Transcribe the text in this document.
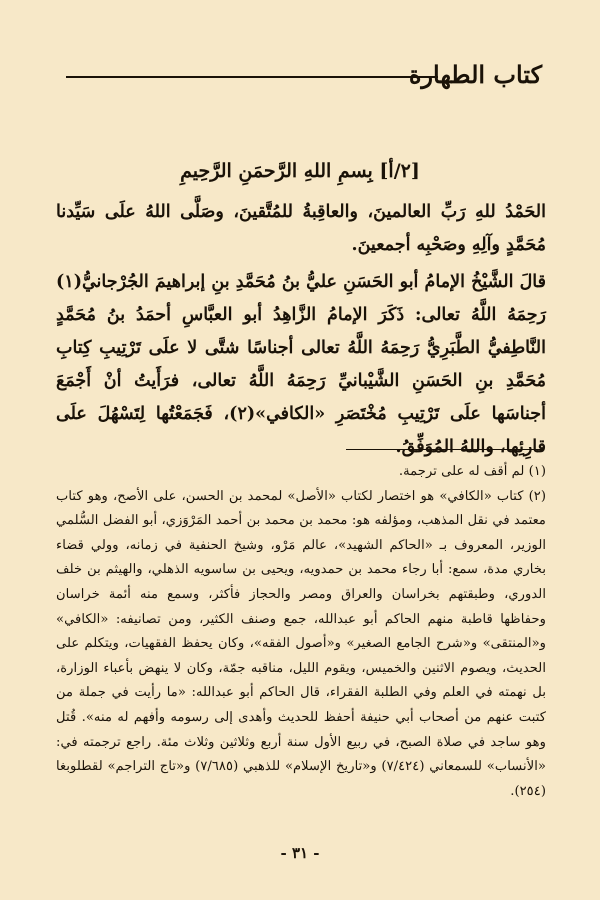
كتاب الطهارة
[٢/أ] بِسمِ اللهِ الرَّحمَنِ الرَّحِيمِ

الحَمْدُ للهِ رَبِّ العالمينَ، والعاقِبةُ للمُتَّقينَ، وصَلَّى اللهُ علَى سَيِّدنا مُحَمَّدٍ وآلِهِ وصَحْبِه أجمعينَ.

قالَ الشَّيْخُ الإمامُ أبو الحَسَنِ عليُّ بنُ مُحَمَّدِ بنِ إبراهيمَ الجُرْجانيُّ(١) رَحِمَهُ اللَّهُ تعالى: ذَكَرَ الإمامُ الزَّاهِدُ أبو العبَّاسِ أحمَدُ بنُ مُحَمَّدٍ النَّاطِفيُّ الطَّبَرِيُّ رَحِمَهُ اللَّهُ تعالى أجناسًا شتَّى لا علَى تَرْتِيبِ كِتابِ مُحَمَّدِ بنِ الحَسَنِ الشَّيْبانيِّ رَحِمَهُ اللَّهُ تعالى، فرَأَيتُ أنْ أَجْمَعَ أجناسَها علَى تَرْتِيبِ مُخْتَصَرِ «الكافي»(٢)، فَجَمَعْتُها لِتَسْهُلَ علَى قارِئِها، واللهُ المُوَفِّقُ.

(١) لم أقف له على ترجمة.

(٢) كتاب «الكافي» هو اختصار لكتاب «الأصل» لمحمد بن الحسن، على الأصح، وهو كتاب معتمد في نقل المذهب، ومؤلفه هو: محمد بن محمد بن أحمد المَرْوَزي، أبو الفضل السُّلمي الوزير، المعروف بـ «الحاكم الشهيد»، عالم مَرْو، وشيخ الحنفية في زمانه، وولي قضاء بخاري مدة، سمع: أبا رجاء محمد بن حمدويه، ويحيى بن ساسويه الذهلي، والهيثم بن خلف الدوري، وطبقتهم بخراسان والعراق ومصر والحجاز فأكثر، وسمع منه أئمة خراسان وحفاظها قاطبة منهم الحاكم أبو عبدالله، جمع وصنف الكثير، ومن تصانيفه: «الكافي» و«المنتقى» و«شرح الجامع الصغير» و«أصول الفقه»، وكان يحفظ الفقهيات، ويتكلم على الحديث، ويصوم الاثنين والخميس، ويقوم الليل، مناقبه جمّة، وكان لا ينهض بأعباء الوزارة، بل نهمته في العلم وفي الطلبة الفقراء، قال الحاكم أبو عبدالله: «ما رأيت في جملة من كتبت عنهم من أصحاب أبي حنيفة أحفظ للحديث وأهدى إلى رسومه وأفهم له منه». قُتل وهو ساجد في صلاة الصبح، في ربيع الأول سنة أربع وثلاثين وثلاث مئة. راجع ترجمته في: «الأنساب» للسمعاني (٧/٤٢٤) و«تاريخ الإسلام» للذهبي (٧/٦٨٥) و«تاج التراجم» لقطلوبغا (٢٥٤).

- ٣١ -
